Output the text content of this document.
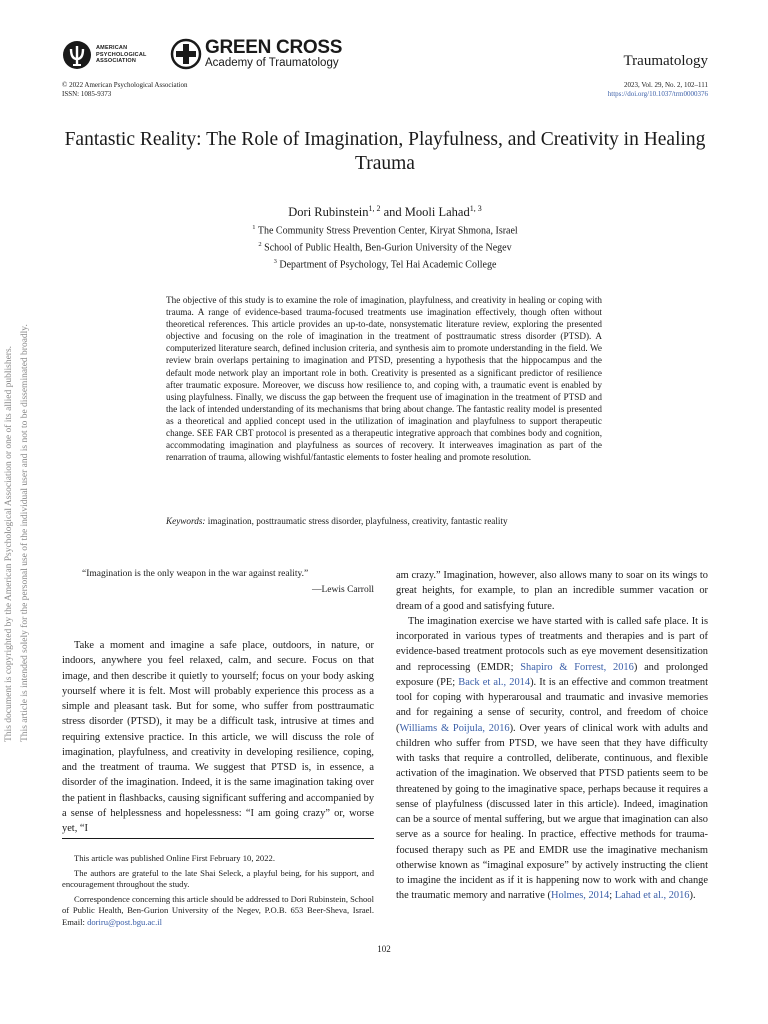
This document is copyrighted by the American Psychological Association or one of its allied publishers. This article is intended solely for the personal use of the individual user and is not to be disseminated broadly.
AMERICAN
PSYCHOLOGICAL
ASSOCIATION
GREEN CROSS
Academy of Traumatology	Traumatology
© 2022 American Psychological Association
ISSN: 1085-9373
2023, Vol. 29, No. 2, 102–111
https://doi.org/10.1037/trm0000376
Fantastic Reality: The Role of Imagination, Playfulness, and Creativity in Healing Trauma
Dori Rubinstein$^{1, 2}$ and Mooli Lahad$^{1, 3}$
$^1$ The Community Stress Prevention Center, Kiryat Shmona, Israel
$^2$ School of Public Health, Ben-Gurion University of the Negev
$^3$ Department of Psychology, Tel Hai Academic College
The objective of this study is to examine the role of imagination, playfulness, and creativity in healing or coping with trauma. A range of evidence-based trauma-focused treatments use imagination effectively, though often without theoretical references. This article provides an up-to-date, nonsystematic literature review, exploring the presented objective and focusing on the role of imagination in the treatment of posttraumatic stress disorder (PTSD). A computerized literature search, defined inclusion criteria, and synthesis aim to promote understanding in the field. We review brain overlaps pertaining to imagination and PTSD, presenting a hypothesis that the hippocampus and the default mode network play an important role in both. Creativity is presented as a significant predictor of resilience after traumatic exposure. Moreover, we discuss how resilience to, and coping with, a traumatic event is enabled by using playfulness. Finally, we discuss the gap between the frequent use of imagination in the treatment of PTSD and the lack of intended understanding of its mechanisms that bring about change. The fantastic reality model is presented as a theoretical and applied concept used in the utilization of imagination and playfulness to support therapeutic change. SEE FAR CBT protocol is presented as a therapeutic integrative approach that combines body and cognition, accommodating imagination and playfulness as sources of recovery. It interweaves imagination as part of the renarration of trauma, allowing wishful/fantastic elements to foster healing and promote resolution.
Keywords: imagination, posttraumatic stress disorder, playfulness, creativity, fantastic reality
“Imagination is the only weapon in the war against reality.”
—Lewis Carroll

Take a moment and imagine a safe place, outdoors, in nature, or indoors, anywhere you feel relaxed, calm, and secure. Focus on that image, and then describe it quietly to yourself; focus on your body asking yourself where it is felt. Most will probably experience this process as a simple and pleasant task. But for some, who suffer from posttraumatic stress disorder (PTSD), it may be a difficult task, intrusive at times and requiring extensive practice. In this article, we will discuss the role of imagination, playfulness, and creativity in developing resilience, coping, and the treatment of trauma. We suggest that PTSD is, in essence, a disorder of the imagination. Indeed, it is the same imagination taking over the patient in flashbacks, causing significant suffering and accompanied by a sense of helplessness and hopelessness: “I am going crazy” or, worse yet, “I

am crazy.” Imagination, however, also allows many to soar on its wings to great heights, for example, to plan an incredible summer vacation or dream of a good and satisfying future.

The imagination exercise we have started with is called safe place. It is incorporated in various types of treatments and therapies and is part of evidence-based treatment protocols such as eye movement desensitization and reprocessing (EMDR; Shapiro & Forrest, 2016) and prolonged exposure (PE; Back et al., 2014). It is an effective and common treatment tool for coping with hyperarousal and traumatic and invasive memories and for regaining a sense of security, control, and freedom of choice (Williams & Poijula, 2016). Over years of clinical work with adults and children who suffer from PTSD, we have seen that they have difficulty with tasks that require a controlled, deliberate, continuous, and flexible activation of the imagination. We observed that PTSD patients seem to be threatened by going to the imaginative space, perhaps because it requires a sense of playfulness (discussed later in this article). Indeed, imagination can be a source of mental suffering, but we argue that imagination can also serve as a source for healing. In practice, effective methods for trauma-focused therapy such as PE and EMDR use the imaginative mechanism otherwise known as “imaginal exposure” by actively instructing the client to imagine the incident as if it is happening now to work with and change the traumatic memory and narrative (Holmes, 2014; Lahad et al., 2016).

This article was published Online First February 10, 2022.

The authors are grateful to the late Shai Seleck, a playful being, for his support, and encouragement throughout the study.

Correspondence concerning this article should be addressed to Dori Rubinstein, School of Public Health, Ben-Gurion University of the Negev, P.O.B. 653 Beer-Sheva, Israel. Email: doriru@post.bgu.ac.il

102
